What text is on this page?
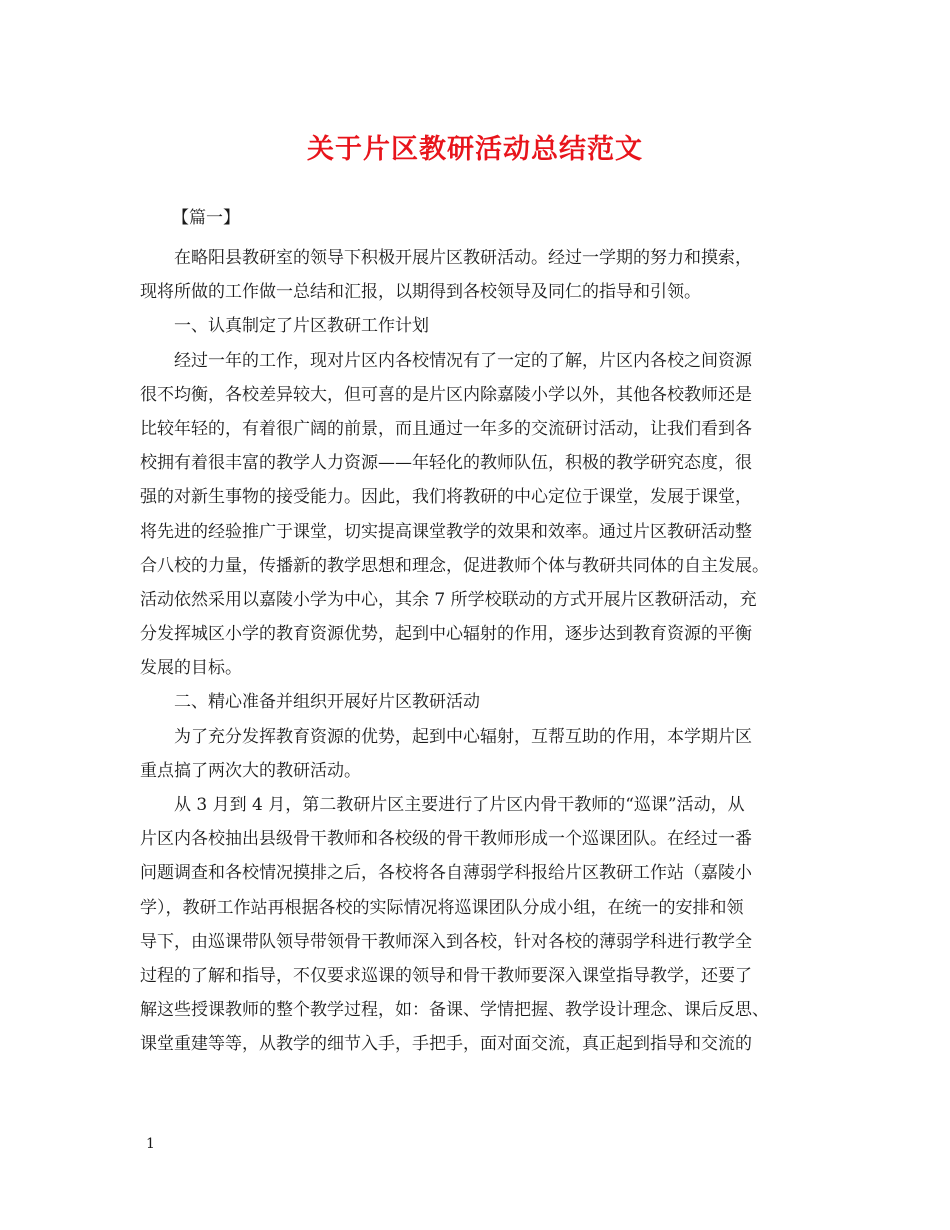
关于片区教研活动总结范文
【篇一】
在略阳县教研室的领导下积极开展片区教研活动。经过一学期的努力和摸索，
现将所做的工作做一总结和汇报，以期得到各校领导及同仁的指导和引领。
一、认真制定了片区教研工作计划
经过一年的工作，现对片区内各校情况有了一定的了解，片区内各校之间资源
很不均衡，各校差异较大，但可喜的是片区内除嘉陵小学以外，其他各校教师还是
比较年轻的，有着很广阔的前景，而且通过一年多的交流研讨活动，让我们看到各
校拥有着很丰富的教学人力资源——年轻化的教师队伍，积极的教学研究态度，很
强的对新生事物的接受能力。因此，我们将教研的中心定位于课堂，发展于课堂，
将先进的经验推广于课堂，切实提高课堂教学的效果和效率。通过片区教研活动整
合八校的力量，传播新的教学思想和理念，促进教师个体与教研共同体的自主发展。
活动依然采用以嘉陵小学为中心，其余 7 所学校联动的方式开展片区教研活动，充
分发挥城区小学的教育资源优势，起到中心辐射的作用，逐步达到教育资源的平衡
发展的目标。
二、精心准备并组织开展好片区教研活动
为了充分发挥教育资源的优势，起到中心辐射，互帮互助的作用，本学期片区
重点搞了两次大的教研活动。
从 3 月到 4 月，第二教研片区主要进行了片区内骨干教师的“巡课”活动，从
片区内各校抽出县级骨干教师和各校级的骨干教师形成一个巡课团队。在经过一番
问题调查和各校情况摸排之后，各校将各自薄弱学科报给片区教研工作站（嘉陵小
学），教研工作站再根据各校的实际情况将巡课团队分成小组，在统一的安排和领
导下，由巡课带队领导带领骨干教师深入到各校，针对各校的薄弱学科进行教学全
过程的了解和指导，不仅要求巡课的领导和骨干教师要深入课堂指导教学，还要了
解这些授课教师的整个教学过程，如：备课、学情把握、教学设计理念、课后反思、
课堂重建等等，从教学的细节入手，手把手，面对面交流，真正起到指导和交流的
1
